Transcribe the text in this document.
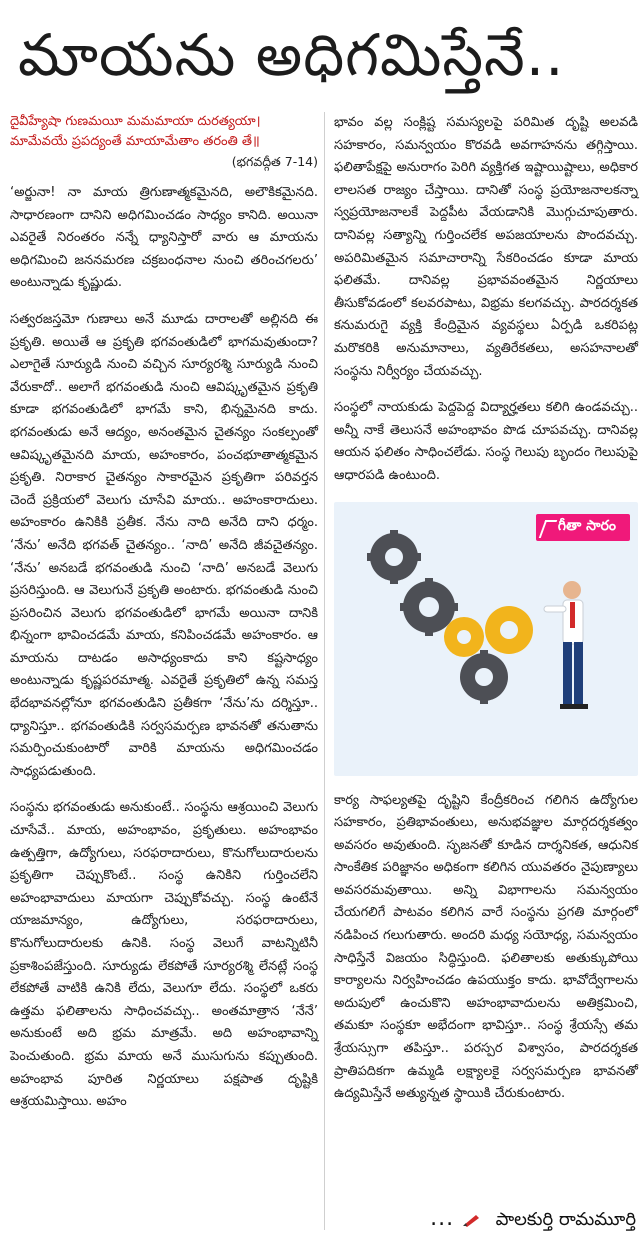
మాయను అధిగమిస్తేనే..

దైవీహ్యేషా గుణమయీ మమమాయా దురత్యయా।

మామేవయే ప్రపద్యంతే మాయామేతాం తరంతి తే॥

(భగవద్గీత 7-14)

‘అర్జునా! నా మాయ త్రిగుణాత్మకమైనది, అలౌకికమైనది. సాధారణంగా దానిని అధిగమించడం సాధ్యం కానిది. అయినా ఎవరైతే నిరంతరం నన్నే ధ్యానిస్తారో వారు ఆ మాయను అధిగమించి జననమరణ చక్రబంధనాల నుంచి తరించగలరు’ అంటున్నాడు కృష్ణుడు.

సత్వరజస్తమో గుణాలు అనే మూడు దారాలతో అల్లినది ఈ ప్రకృతి. అయితే ఆ ప్రకృతి భగవంతుడిలో భాగమవుతుందా? ఎలాగైతే సూర్యుడి నుంచి వచ్చిన సూర్యరశ్మి సూర్యుడి నుంచి వేరుకాదో.. అలాగే భగవంతుడి నుంచి ఆవిష్కృతమైన ప్రకృతి కూడా భగవంతుడిలో భాగమే కాని, భిన్నమైనది కాదు. భగవంతుడు అనే ఆద్యం, అనంతమైన చైతన్యం సంకల్పంతో ఆవిష్కృతమైనది మాయ, అహంకారం, పంచభూతాత్మకమైన ప్రకృతి. నిరాకార చైతన్యం సాకారమైన ప్రకృతిగా పరివర్తన చెందే ప్రక్రియలో వెలుగు చూసేవి మాయ.. అహంకారాదులు. అహంకారం ఉనికికి ప్రతీక. నేను నాది అనేది దాని ధర్మం. ‘నేను’ అనేది భగవత్ చైతన్యం.. ‘నాది’ అనేది జీవచైతన్యం. ‘నేను’ అనబడే భగవంతుడి నుంచి ‘నాది’ అనబడే వెలుగు ప్రసరిస్తుంది. ఆ వెలుగునే ప్రకృతి అంటారు. భగవంతుడి నుంచి ప్రసరించిన వెలుగు భగవంతుడిలో భాగమే అయినా దానికి భిన్నంగా భావించడమే మాయ, కనిపించడమే అహంకారం. ఆ మాయను దాటడం అసాధ్యంకాదు కాని కష్టసాధ్యం అంటున్నాడు కృష్ణపరమాత్మ. ఎవరైతే ప్రకృతిలో ఉన్న సమస్త భేదభావనల్లోనూ భగవంతుడిని ప్రతీకగా ‘నేను’ను దర్శిస్తూ.. ధ్యానిస్తూ.. భగవంతుడికి సర్వసమర్పణ భావనతో తనుతాను సమర్పించుకుంటారో వారికి మాయను అధిగమించడం సాధ్యపడుతుంది.

సంస్థను భగవంతుడు అనుకుంటే.. సంస్థను ఆశ్రయించి వెలుగు చూసేవే.. మాయ, అహంభావం, ప్రకృతులు. అహంభావం ఉత్పత్తిగా, ఉద్యోగులు, సరఫరాదారులు, కొనుగోలుదారులను ప్రకృతిగా చెప్పుకొంటే.. సంస్థ ఉనికిని గుర్తించలేని అహంభావాదులు మాయగా చెప్పుకోవచ్చు. సంస్థ ఉంటేనే యాజమాన్యం, ఉద్యోగులు, సరఫరాదారులు, కొనుగోలుదారులకు ఉనికి. సంస్థ వెలుగే వాటన్నిటినీ ప్రకాశింపజేస్తుంది. సూర్యుడు లేకపోతే సూర్యరశ్మి లేనట్లే సంస్థ లేకపోతే వాటికి ఉనికి లేదు, వెలుగూ లేదు. సంస్థలో ఒకరు ఉత్తమ ఫలితాలను సాధించవచ్చు.. అంతమాత్రాన ‘నేనే’ అనుకుంటే అది భ్రమ మాత్రమే. అది అహంభావాన్ని పెంచుతుంది. భ్రమ మాయ అనే ముసుగును కప్పుతుంది. అహంభావ పూరిత నిర్ణయాలు పక్షపాత దృష్టికి ఆశ్రయమిస్తాయి. అహం

భావం వల్ల సంక్లిష్ట సమస్యలపై పరిమిత దృష్టి అలవడి సహకారం, సమన్వయం కొరవడి అవగాహనను తగ్గిస్తాయి. ఫలితాపేక్షపై అనురాగం పెరిగి వ్యక్తిగత ఇష్టాయిష్టాలు, అధికార లాలసత రాజ్యం చేస్తాయి. దానితో సంస్థ ప్రయోజనాలకన్నా స్వప్రయోజనాలకే పెద్దపీట వేయడానికి మొగ్గుచూపుతారు. దానివల్ల సత్యాన్ని గుర్తించలేక అపజయాలను పొందవచ్చు. అపరిమితమైన సమాచారాన్ని సేకరించడం కూడా మాయ ఫలితమే. దానివల్ల ప్రభావవంతమైన నిర్ణయాలు తీసుకోవడంలో కలవరపాటు, విభ్రమ కలగవచ్చు. పారదర్శకత కనుమరుగై వ్యక్తి కేంద్రిమైన వ్యవస్థలు ఏర్పడి ఒకరిపట్ల మరొకరికి అనుమానాలు, వ్యతిరేకతలు, అసహనాలతో సంస్థను నిర్వీర్యం చేయవచ్చు.

సంస్థలో నాయకుడు పెద్దపెద్ద విద్యార్హతలు కలిగి ఉండవచ్చు.. అన్నీ నాకే తెలుసనే అహంభావం పొడ చూపవచ్చు. దానివల్ల ఆయన ఫలితం సాధించలేడు. సంస్థ గెలుపు బృందం గెలుపుపై ఆధారపడి ఉంటుంది.

గీతా సారం

కార్య సాఫల్యతపై దృష్టిని కేంద్రీకరించ గలిగిన ఉద్యోగుల సహకారం, ప్రతిభావంతులు, అనుభవజ్ఞుల మార్గదర్శకత్వం అవసరం అవుతుంది. సృజనతో కూడిన దార్శనికత, ఆధునిక సాంకేతిక పరిజ్ఞానం అధికంగా కలిగిన యువతరం నైపుణ్యాలు అవసరమవుతాయి. అన్ని విభాగాలను సమన్వయం చేయగలిగే పాటవం కలిగిన వారే సంస్థను ప్రగతి మార్గంలో నడిపించ గలుగుతారు. అందరి మధ్య సయోధ్య, సమన్వయం సాధిస్తేనే విజయం సిద్ధిస్తుంది. ఫలితాలకు అతుక్కుపోయి కార్యాలను నిర్వహించడం ఉపయుక్తం కాదు. భావోద్వేగాలను అదుపులో ఉంచుకొని అహంభావాదులను అతిక్రమించి, తమకూ సంస్థకూ అభేదంగా భావిస్తూ.. సంస్థ శ్రేయస్సే తమ శ్రేయస్సుగా తపిస్తూ.. పరస్పర విశ్వాసం, పారదర్శకత ప్రాతిపదికగా ఉమ్మడి లక్ష్యాలకై సర్వసమర్పణ భావనతో ఉద్యమిస్తేనే అత్యున్నత స్థాయికి చేరుకుంటారు.

... పాలకుర్తి రామమూర్తి
